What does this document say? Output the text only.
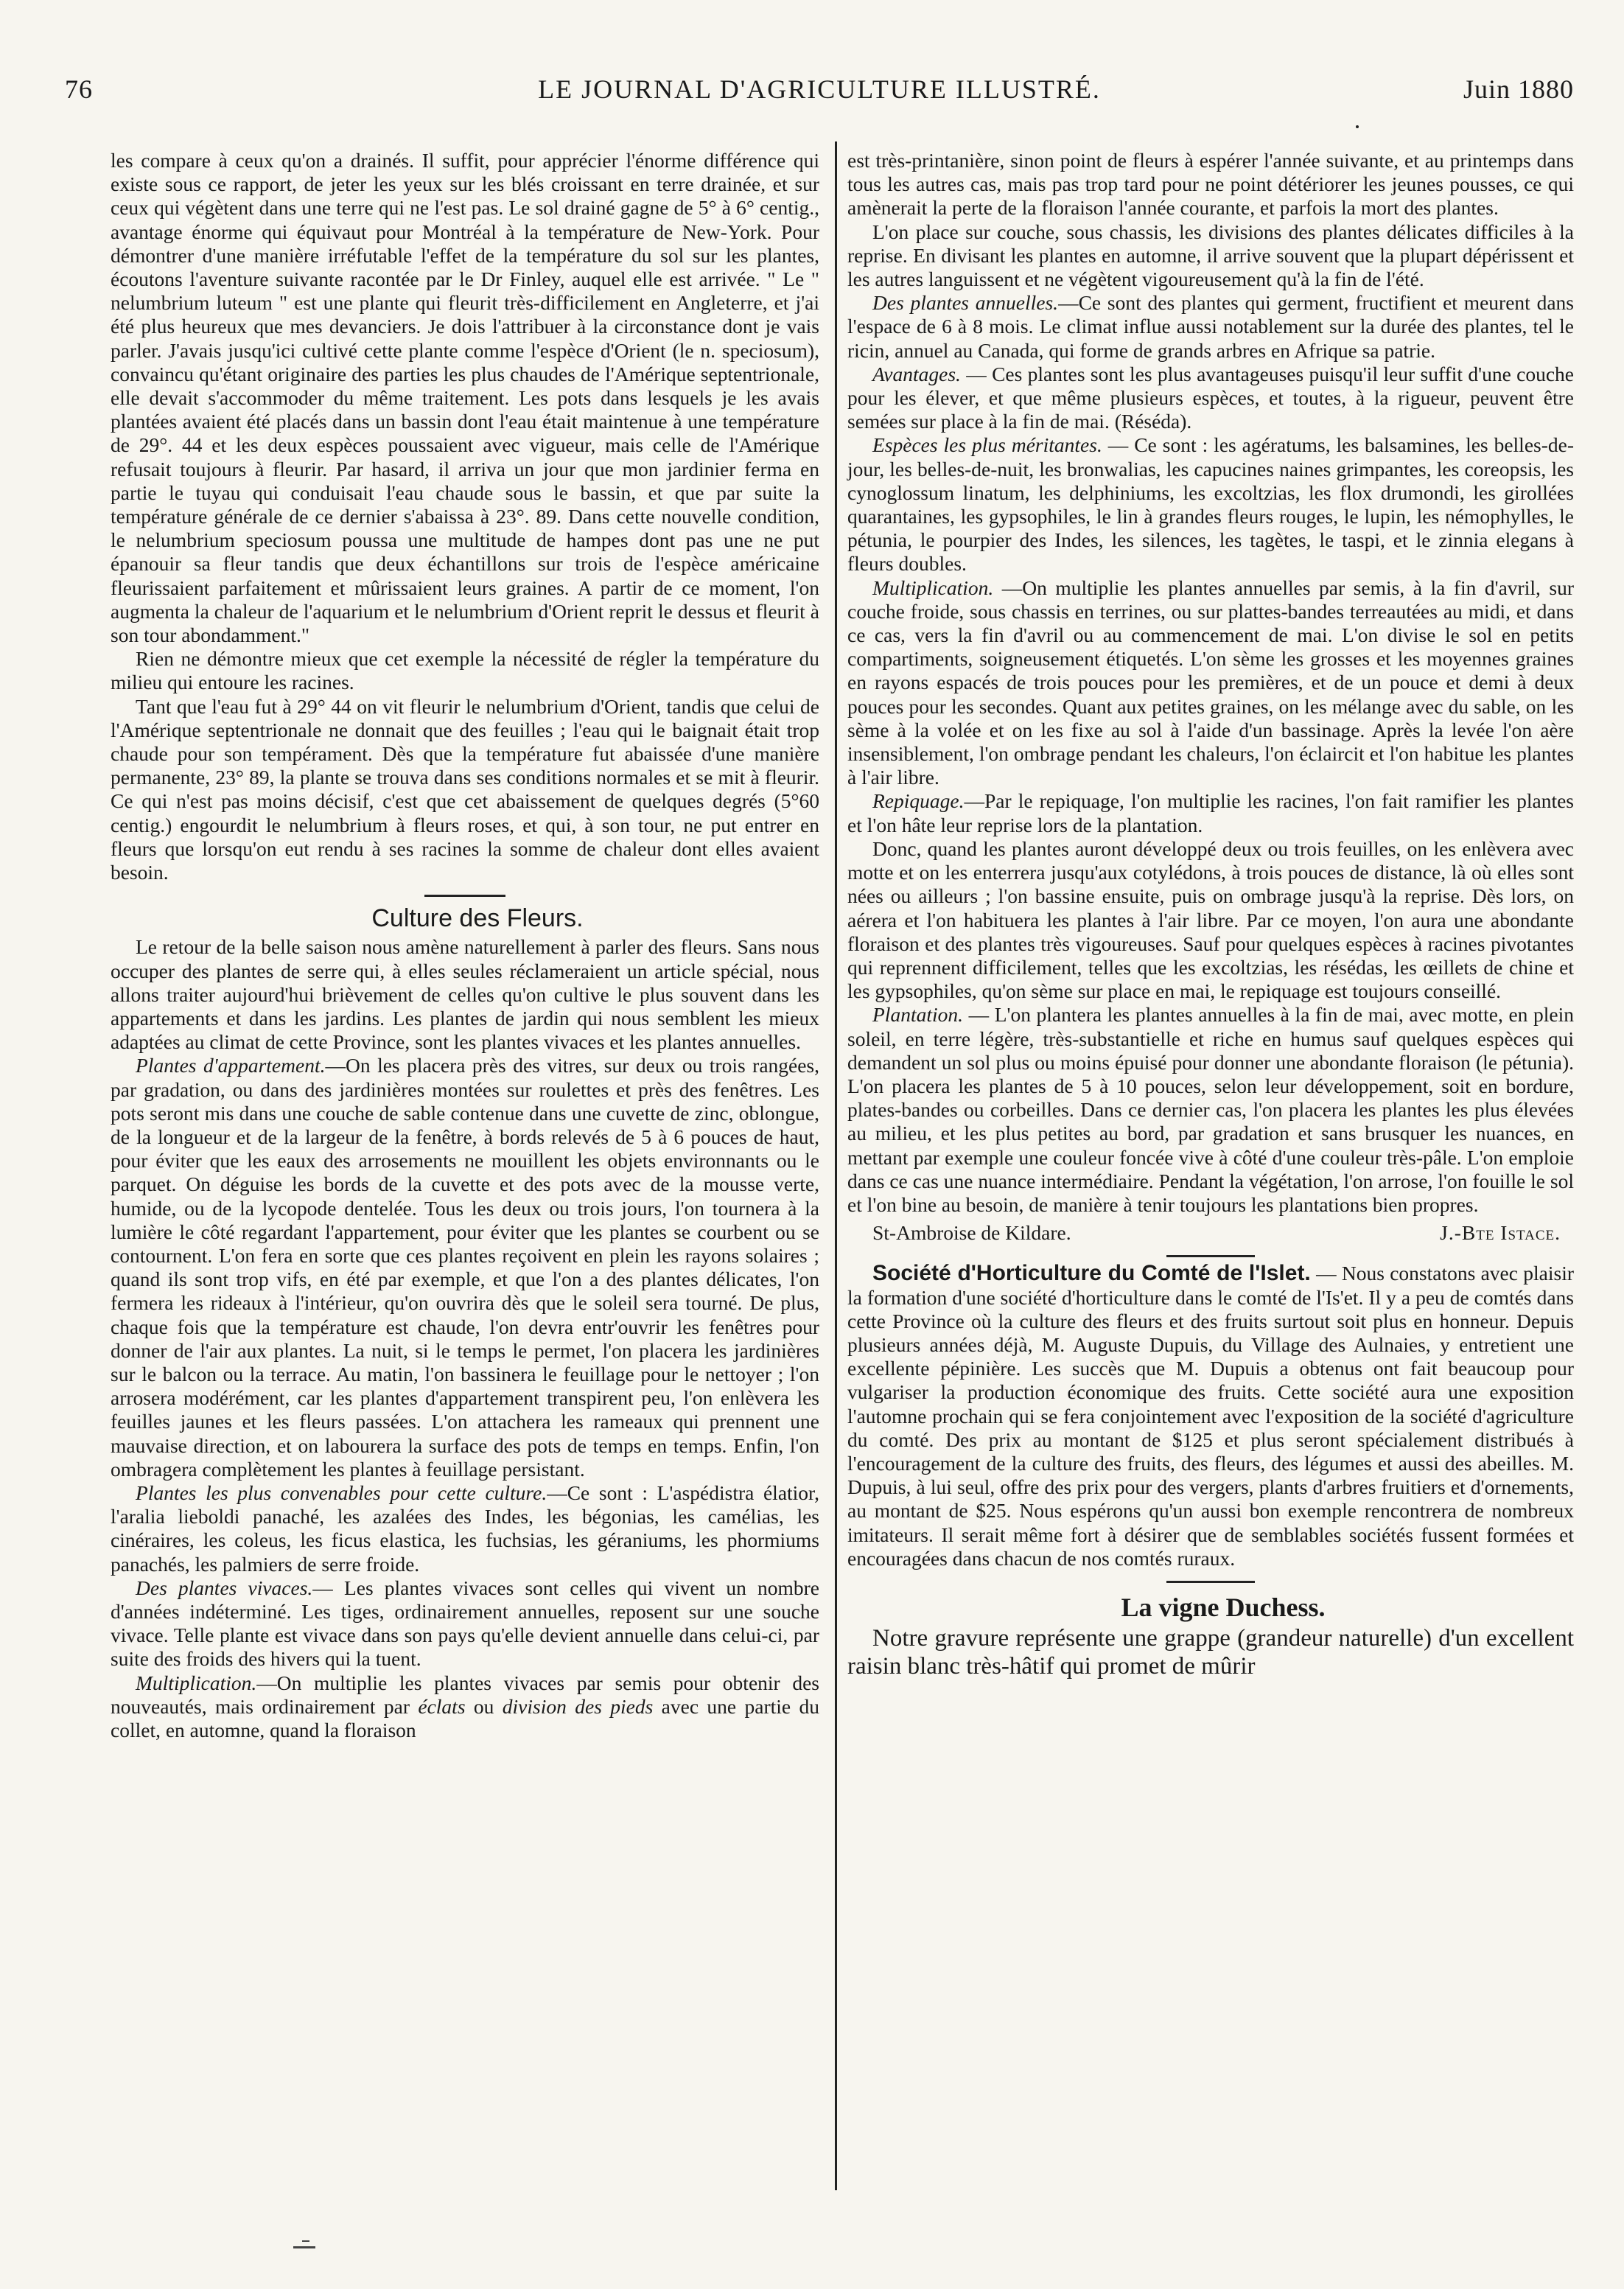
76	LE JOURNAL D'AGRICULTURE ILLUSTRÉ.	Juin 1880

les compare à ceux qu'on a drainés. Il suffit, pour apprécier l'énorme différence qui existe sous ce rapport, de jeter les yeux sur les blés croissant en terre drainée, et sur ceux qui végètent dans une terre qui ne l'est pas. Le sol drainé gagne de 5° à 6° centig., avantage énorme qui équivaut pour Montréal à la température de New-York. Pour démontrer d'une manière irréfutable l'effet de la température du sol sur les plantes, écoutons l'aventure suivante racontée par le Dr Finley, auquel elle est arrivée. " Le " nelumbrium luteum " est une plante qui fleurit très-difficilement en Angleterre, et j'ai été plus heureux que mes devanciers. Je dois l'attribuer à la circonstance dont je vais parler. J'avais jusqu'ici cultivé cette plante comme l'espèce d'Orient (le n. speciosum), convaincu qu'étant originaire des parties les plus chaudes de l'Amérique septentrionale, elle devait s'accommoder du même traitement. Les pots dans lesquels je les avais plantées avaient été placés dans un bassin dont l'eau était maintenue à une température de 29°. 44 et les deux espèces poussaient avec vigueur, mais celle de l'Amérique refusait toujours à fleurir. Par hasard, il arriva un jour que mon jardinier ferma en partie le tuyau qui conduisait l'eau chaude sous le bassin, et que par suite la température générale de ce dernier s'abaissa à 23°. 89. Dans cette nouvelle condition, le nelumbrium speciosum poussa une multitude de hampes dont pas une ne put épanouir sa fleur tandis que deux échantillons sur trois de l'espèce américaine fleurissaient parfaitement et mûrissaient leurs graines. A partir de ce moment, l'on augmenta la chaleur de l'aquarium et le nelumbrium d'Orient reprit le dessus et fleurit à son tour abondamment."

Rien ne démontre mieux que cet exemple la nécessité de régler la température du milieu qui entoure les racines.

Tant que l'eau fut à 29° 44 on vit fleurir le nelumbrium d'Orient, tandis que celui de l'Amérique septentrionale ne donnait que des feuilles ; l'eau qui le baignait était trop chaude pour son tempérament. Dès que la température fut abaissée d'une manière permanente, 23° 89, la plante se trouva dans ses conditions normales et se mit à fleurir. Ce qui n'est pas moins décisif, c'est que cet abaissement de quelques degrés (5°60 centig.) engourdit le nelumbrium à fleurs roses, et qui, à son tour, ne put entrer en fleurs que lorsqu'on eut rendu à ses racines la somme de chaleur dont elles avaient besoin.

Culture des Fleurs.

Le retour de la belle saison nous amène naturellement à parler des fleurs. Sans nous occuper des plantes de serre qui, à elles seules réclameraient un article spécial, nous allons traiter aujourd'hui brièvement de celles qu'on cultive le plus souvent dans les appartements et dans les jardins. Les plantes de jardin qui nous semblent les mieux adaptées au climat de cette Province, sont les plantes vivaces et les plantes annuelles.

Plantes d'appartement.—On les placera près des vitres, sur deux ou trois rangées, par gradation, ou dans des jardinières montées sur roulettes et près des fenêtres. Les pots seront mis dans une couche de sable contenue dans une cuvette de zinc, oblongue, de la longueur et de la largeur de la fenêtre, à bords relevés de 5 à 6 pouces de haut, pour éviter que les eaux des arrosements ne mouillent les objets environnants ou le parquet. On déguise les bords de la cuvette et des pots avec de la mousse verte, humide, ou de la lycopode dentelée. Tous les deux ou trois jours, l'on tournera à la lumière le côté regardant l'appartement, pour éviter que les plantes se courbent ou se contournent. L'on fera en sorte que ces plantes reçoivent en plein les rayons solaires ; quand ils sont trop vifs, en été par exemple, et que l'on a des plantes délicates, l'on fermera les rideaux à l'intérieur, qu'on ouvrira dès que le soleil sera tourné. De plus, chaque fois que la température est chaude, l'on devra entr'ouvrir les fenêtres pour donner de l'air aux plantes. La nuit, si le temps le permet, l'on placera les jardinières sur le balcon ou la terrace. Au matin, l'on bassinera le feuillage pour le nettoyer ; l'on arrosera modérément, car les plantes d'appartement transpirent peu, l'on enlèvera les feuilles jaunes et les fleurs passées. L'on attachera les rameaux qui prennent une mauvaise direction, et on labourera la surface des pots de temps en temps. Enfin, l'on ombragera complètement les plantes à feuillage persistant.

Plantes les plus convenables pour cette culture.—Ce sont : L'aspédistra élatior, l'aralia lieboldi panaché, les azalées des Indes, les bégonias, les camélias, les cinéraires, les coleus, les ficus elastica, les fuchsias, les géraniums, les phormiums panachés, les palmiers de serre froide.

Des plantes vivaces.— Les plantes vivaces sont celles qui vivent un nombre d'années indéterminé. Les tiges, ordinairement annuelles, reposent sur une souche vivace. Telle plante est vivace dans son pays qu'elle devient annuelle dans celui-ci, par suite des froids des hivers qui la tuent.

Multiplication.—On multiplie les plantes vivaces par semis pour obtenir des nouveautés, mais ordinairement par éclats ou division des pieds avec une partie du collet, en automne, quand la floraison

est très-printanière, sinon point de fleurs à espérer l'année suivante, et au printemps dans tous les autres cas, mais pas trop tard pour ne point détériorer les jeunes pousses, ce qui amènerait la perte de la floraison l'année courante, et parfois la mort des plantes.

L'on place sur couche, sous chassis, les divisions des plantes délicates difficiles à la reprise. En divisant les plantes en automne, il arrive souvent que la plupart dépérissent et les autres languissent et ne végètent vigoureusement qu'à la fin de l'été.

Des plantes annuelles.—Ce sont des plantes qui germent, fructifient et meurent dans l'espace de 6 à 8 mois. Le climat influe aussi notablement sur la durée des plantes, tel le ricin, annuel au Canada, qui forme de grands arbres en Afrique sa patrie.

Avantages. — Ces plantes sont les plus avantageuses puisqu'il leur suffit d'une couche pour les élever, et que même plusieurs espèces, et toutes, à la rigueur, peuvent être semées sur place à la fin de mai. (Réséda).

Espèces les plus méritantes. — Ce sont : les agératums, les balsamines, les belles-de-jour, les belles-de-nuit, les bronwalias, les capucines naines grimpantes, les coreopsis, les cynoglossum linatum, les delphiniums, les excoltzias, les flox drumondi, les girollées quarantaines, les gypsophiles, le lin à grandes fleurs rouges, le lupin, les némophylles, le pétunia, le pourpier des Indes, les silences, les tagètes, le taspi, et le zinnia elegans à fleurs doubles.

Multiplication. —On multiplie les plantes annuelles par semis, à la fin d'avril, sur couche froide, sous chassis en terrines, ou sur plattes-bandes terreautées au midi, et dans ce cas, vers la fin d'avril ou au commencement de mai. L'on divise le sol en petits compartiments, soigneusement étiquetés. L'on sème les grosses et les moyennes graines en rayons espacés de trois pouces pour les premières, et de un pouce et demi à deux pouces pour les secondes. Quant aux petites graines, on les mélange avec du sable, on les sème à la volée et on les fixe au sol à l'aide d'un bassinage. Après la levée l'on aère insensiblement, l'on ombrage pendant les chaleurs, l'on éclaircit et l'on habitue les plantes à l'air libre.

Repiquage.—Par le repiquage, l'on multiplie les racines, l'on fait ramifier les plantes et l'on hâte leur reprise lors de la plantation.

Donc, quand les plantes auront développé deux ou trois feuilles, on les enlèvera avec motte et on les enterrera jusqu'aux cotylédons, à trois pouces de distance, là où elles sont nées ou ailleurs ; l'on bassine ensuite, puis on ombrage jusqu'à la reprise. Dès lors, on aérera et l'on habituera les plantes à l'air libre. Par ce moyen, l'on aura une abondante floraison et des plantes très vigoureuses. Sauf pour quelques espèces à racines pivotantes qui reprennent difficilement, telles que les excoltzias, les résédas, les œillets de chine et les gypsophiles, qu'on sème sur place en mai, le repiquage est toujours conseillé.

Plantation. — L'on plantera les plantes annuelles à la fin de mai, avec motte, en plein soleil, en terre légère, très-substantielle et riche en humus sauf quelques espèces qui demandent un sol plus ou moins épuisé pour donner une abondante floraison (le pétunia). L'on placera les plantes de 5 à 10 pouces, selon leur développement, soit en bordure, plates-bandes ou corbeilles. Dans ce dernier cas, l'on placera les plantes les plus élevées au milieu, et les plus petites au bord, par gradation et sans brusquer les nuances, en mettant par exemple une couleur foncée vive à côté d'une couleur très-pâle. L'on emploie dans ce cas une nuance intermédiaire. Pendant la végétation, l'on arrose, l'on fouille le sol et l'on bine au besoin, de manière à tenir toujours les plantations bien propres.

St-Ambroise de Kildare.	J.-Bte Istace.

Société d'Horticulture du Comté de l'Islet. — Nous constatons avec plaisir la formation d'une société d'horticulture dans le comté de l'Is'et. Il y a peu de comtés dans cette Province où la culture des fleurs et des fruits surtout soit plus en honneur. Depuis plusieurs années déjà, M. Auguste Dupuis, du Village des Aulnaies, y entretient une excellente pépinière. Les succès que M. Dupuis a obtenus ont fait beaucoup pour vulgariser la production économique des fruits. Cette société aura une exposition l'automne prochain qui se fera conjointement avec l'exposition de la société d'agriculture du comté. Des prix au montant de $125 et plus seront spécialement distribués à l'encouragement de la culture des fruits, des fleurs, des légumes et aussi des abeilles. M. Dupuis, à lui seul, offre des prix pour des vergers, plants d'arbres fruitiers et d'ornements, au montant de $25. Nous espérons qu'un aussi bon exemple rencontrera de nombreux imitateurs. Il serait même fort à désirer que de semblables sociétés fussent formées et encouragées dans chacun de nos comtés ruraux.

La vigne Duchess.

Notre gravure représente une grappe (grandeur naturelle) d'un excellent raisin blanc très-hâtif qui promet de mûrir
